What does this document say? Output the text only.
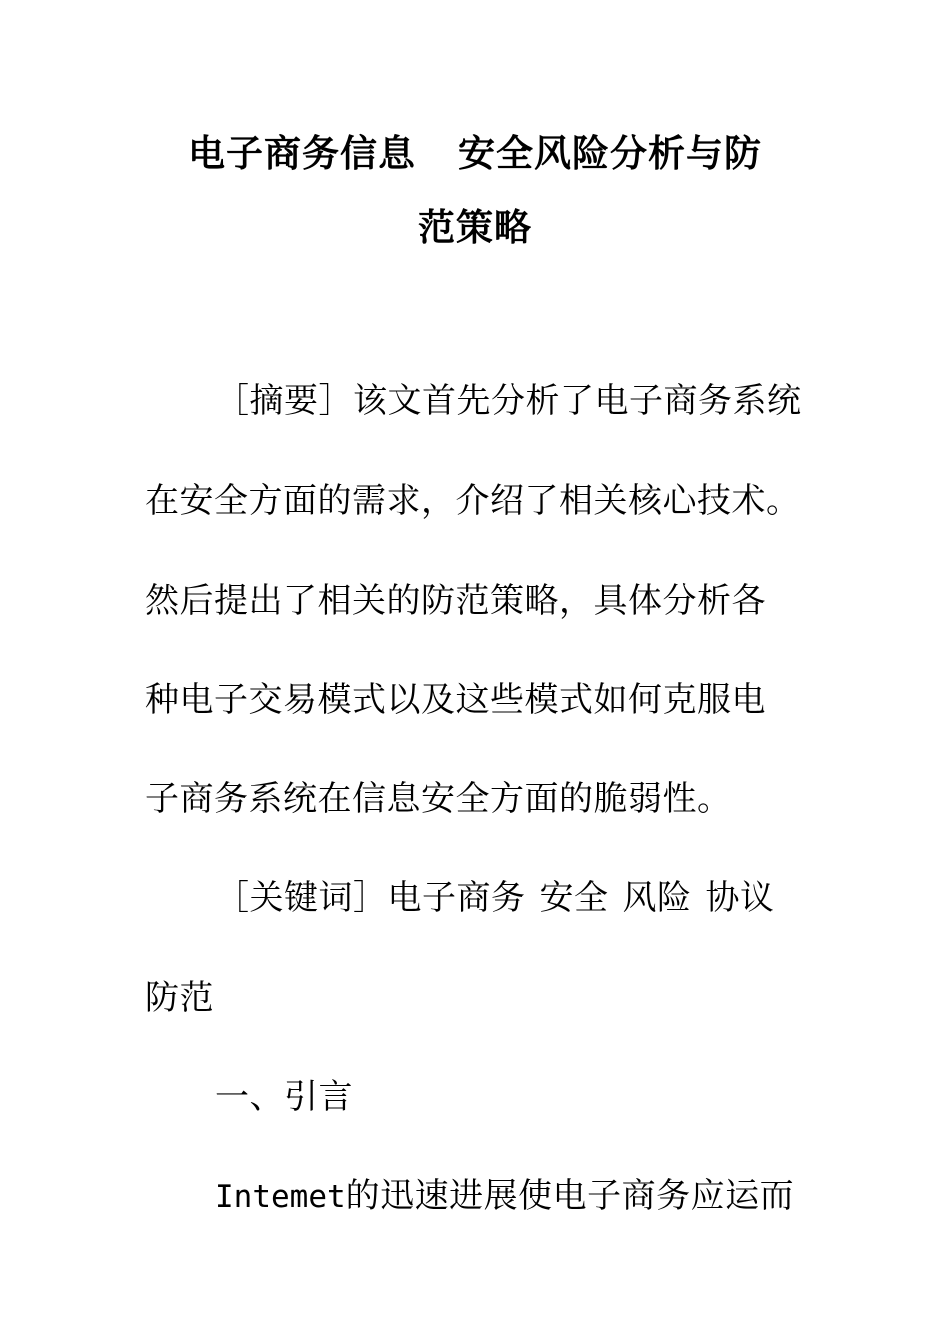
电子商务信息 安全风险分析与防
范策略
［摘要］该文首先分析了电子商务系统
在安全方面的需求，介绍了相关核心技术。
然后提出了相关的防范策略，具体分析各
种电子交易模式以及这些模式如何克服电
子商务系统在信息安全方面的脆弱性。
［关键词］电子商务 安全 风险 协议
防范
一、引言
Intemet的迅速进展使电子商务应运而
